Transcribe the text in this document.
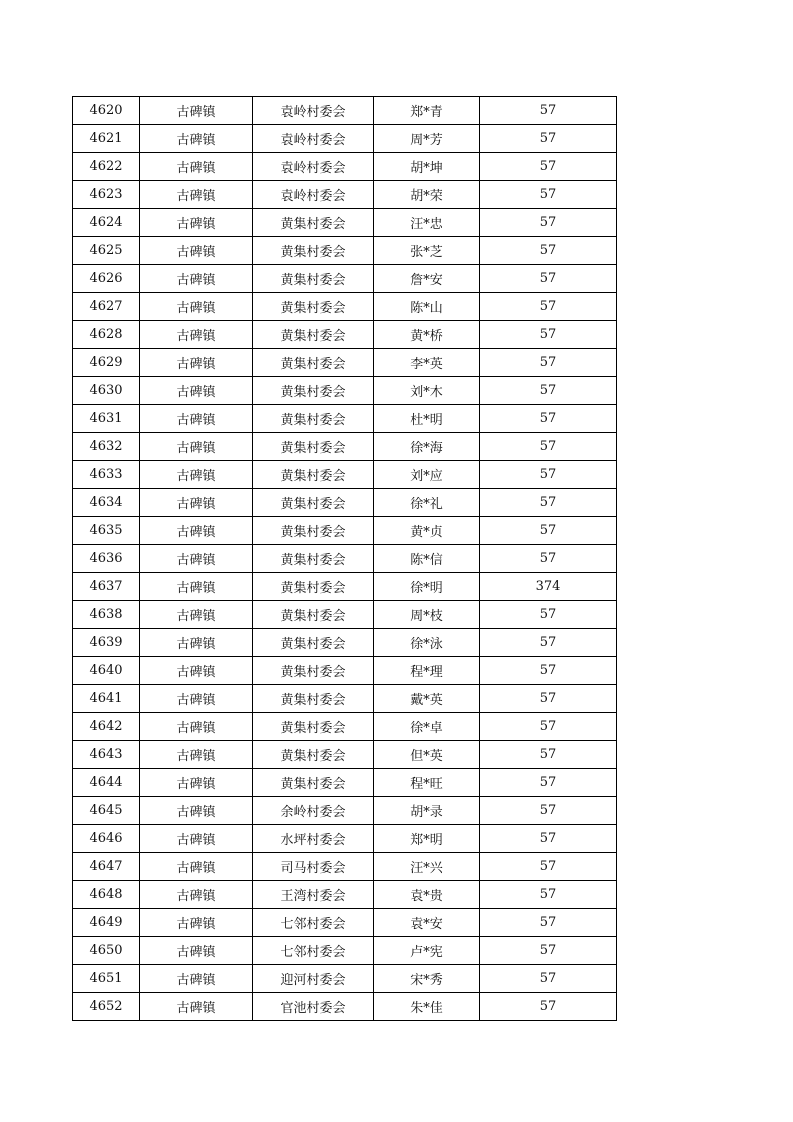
4620	古碑镇	袁岭村委会	郑*青	57
4621	古碑镇	袁岭村委会	周*芳	57
4622	古碑镇	袁岭村委会	胡*坤	57
4623	古碑镇	袁岭村委会	胡*荣	57
4624	古碑镇	黄集村委会	汪*忠	57
4625	古碑镇	黄集村委会	张*芝	57
4626	古碑镇	黄集村委会	詹*安	57
4627	古碑镇	黄集村委会	陈*山	57
4628	古碑镇	黄集村委会	黄*桥	57
4629	古碑镇	黄集村委会	李*英	57
4630	古碑镇	黄集村委会	刘*木	57
4631	古碑镇	黄集村委会	杜*明	57
4632	古碑镇	黄集村委会	徐*海	57
4633	古碑镇	黄集村委会	刘*应	57
4634	古碑镇	黄集村委会	徐*礼	57
4635	古碑镇	黄集村委会	黄*贞	57
4636	古碑镇	黄集村委会	陈*信	57
4637	古碑镇	黄集村委会	徐*明	374
4638	古碑镇	黄集村委会	周*枝	57
4639	古碑镇	黄集村委会	徐*泳	57
4640	古碑镇	黄集村委会	程*理	57
4641	古碑镇	黄集村委会	戴*英	57
4642	古碑镇	黄集村委会	徐*卓	57
4643	古碑镇	黄集村委会	但*英	57
4644	古碑镇	黄集村委会	程*旺	57
4645	古碑镇	余岭村委会	胡*录	57
4646	古碑镇	水坪村委会	郑*明	57
4647	古碑镇	司马村委会	汪*兴	57
4648	古碑镇	王湾村委会	袁*贵	57
4649	古碑镇	七邻村委会	袁*安	57
4650	古碑镇	七邻村委会	卢*宪	57
4651	古碑镇	迎河村委会	宋*秀	57
4652	古碑镇	官池村委会	朱*佳	57
